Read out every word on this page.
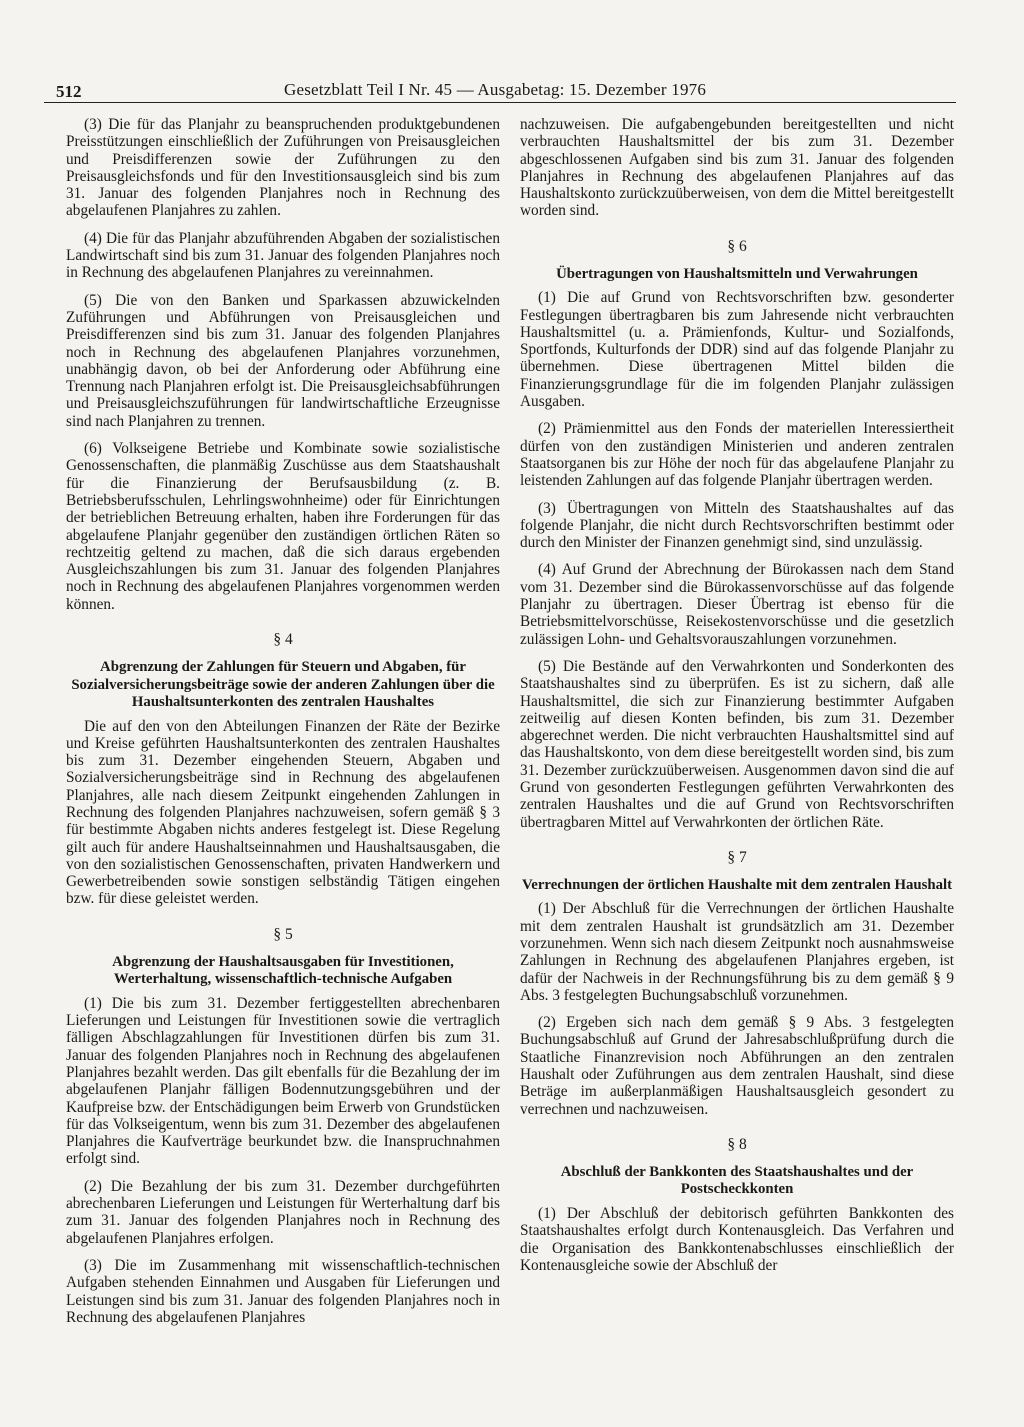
512	Gesetzblatt Teil I Nr. 45 — Ausgabetag: 15. Dezember 1976

(3) Die für das Planjahr zu beanspruchenden produktgebundenen Preisstützungen einschließlich der Zuführungen von Preisausgleichen und Preisdifferenzen sowie der Zuführungen zu den Preisausgleichsfonds und für den Investitionsausgleich sind bis zum 31. Januar des folgenden Planjahres noch in Rechnung des abgelaufenen Planjahres zu zahlen.

(4) Die für das Planjahr abzuführenden Abgaben der sozialistischen Landwirtschaft sind bis zum 31. Januar des folgenden Planjahres noch in Rechnung des abgelaufenen Planjahres zu vereinnahmen.

(5) Die von den Banken und Sparkassen abzuwickelnden Zuführungen und Abführungen von Preisausgleichen und Preisdifferenzen sind bis zum 31. Januar des folgenden Planjahres noch in Rechnung des abgelaufenen Planjahres vorzunehmen, unabhängig davon, ob bei der Anforderung oder Abführung eine Trennung nach Planjahren erfolgt ist. Die Preisausgleichsabführungen und Preisausgleichszuführungen für landwirtschaftliche Erzeugnisse sind nach Planjahren zu trennen.

(6) Volkseigene Betriebe und Kombinate sowie sozialistische Genossenschaften, die planmäßig Zuschüsse aus dem Staatshaushalt für die Finanzierung der Berufsausbildung (z. B. Betriebsberufsschulen, Lehrlingswohnheime) oder für Einrichtungen der betrieblichen Betreuung erhalten, haben ihre Forderungen für das abgelaufene Planjahr gegenüber den zuständigen örtlichen Räten so rechtzeitig geltend zu machen, daß die sich daraus ergebenden Ausgleichszahlungen bis zum 31. Januar des folgenden Planjahres noch in Rechnung des abgelaufenen Planjahres vorgenommen werden können.

§ 4
Abgrenzung der Zahlungen für Steuern und Abgaben, für Sozialversicherungsbeiträge sowie der anderen Zahlungen über die Haushaltsunterkonten des zentralen Haushaltes

Die auf den von den Abteilungen Finanzen der Räte der Bezirke und Kreise geführten Haushaltsunterkonten des zentralen Haushaltes bis zum 31. Dezember eingehenden Steuern, Abgaben und Sozialversicherungsbeiträge sind in Rechnung des abgelaufenen Planjahres, alle nach diesem Zeitpunkt eingehenden Zahlungen in Rechnung des folgenden Planjahres nachzuweisen, sofern gemäß § 3 für bestimmte Abgaben nichts anderes festgelegt ist. Diese Regelung gilt auch für andere Haushaltseinnahmen und Haushaltsausgaben, die von den sozialistischen Genossenschaften, privaten Handwerkern und Gewerbetreibenden sowie sonstigen selbständig Tätigen eingehen bzw. für diese geleistet werden.

§ 5
Abgrenzung der Haushaltsausgaben für Investitionen, Werterhaltung, wissenschaftlich-technische Aufgaben

(1) Die bis zum 31. Dezember fertiggestellten abrechenbaren Lieferungen und Leistungen für Investitionen sowie die vertraglich fälligen Abschlagzahlungen für Investitionen dürfen bis zum 31. Januar des folgenden Planjahres noch in Rechnung des abgelaufenen Planjahres bezahlt werden. Das gilt ebenfalls für die Bezahlung der im abgelaufenen Planjahr fälligen Bodennutzungsgebühren und der Kaufpreise bzw. der Entschädigungen beim Erwerb von Grundstücken für das Volkseigentum, wenn bis zum 31. Dezember des abgelaufenen Planjahres die Kaufverträge beurkundet bzw. die Inanspruchnahmen erfolgt sind.

(2) Die Bezahlung der bis zum 31. Dezember durchgeführten abrechenbaren Lieferungen und Leistungen für Werterhaltung darf bis zum 31. Januar des folgenden Planjahres noch in Rechnung des abgelaufenen Planjahres erfolgen.

(3) Die im Zusammenhang mit wissenschaftlich-technischen Aufgaben stehenden Einnahmen und Ausgaben für Lieferungen und Leistungen sind bis zum 31. Januar des folgenden Planjahres noch in Rechnung des abgelaufenen Planjahres

nachzuweisen. Die aufgabengebunden bereitgestellten und nicht verbrauchten Haushaltsmittel der bis zum 31. Dezember abgeschlossenen Aufgaben sind bis zum 31. Januar des folgenden Planjahres in Rechnung des abgelaufenen Planjahres auf das Haushaltskonto zurückzuüberweisen, von dem die Mittel bereitgestellt worden sind.

§ 6
Übertragungen von Haushaltsmitteln und Verwahrungen

(1) Die auf Grund von Rechtsvorschriften bzw. gesonderter Festlegungen übertragbaren bis zum Jahresende nicht verbrauchten Haushaltsmittel (u. a. Prämienfonds, Kultur- und Sozialfonds, Sportfonds, Kulturfonds der DDR) sind auf das folgende Planjahr zu übernehmen. Diese übertragenen Mittel bilden die Finanzierungsgrundlage für die im folgenden Planjahr zulässigen Ausgaben.

(2) Prämienmittel aus den Fonds der materiellen Interessiertheit dürfen von den zuständigen Ministerien und anderen zentralen Staatsorganen bis zur Höhe der noch für das abgelaufene Planjahr zu leistenden Zahlungen auf das folgende Planjahr übertragen werden.

(3) Übertragungen von Mitteln des Staatshaushaltes auf das folgende Planjahr, die nicht durch Rechtsvorschriften bestimmt oder durch den Minister der Finanzen genehmigt sind, sind unzulässig.

(4) Auf Grund der Abrechnung der Bürokassen nach dem Stand vom 31. Dezember sind die Bürokassenvorschüsse auf das folgende Planjahr zu übertragen. Dieser Übertrag ist ebenso für die Betriebsmittelvorschüsse, Reisekostenvorschüsse und die gesetzlich zulässigen Lohn- und Gehaltsvorauszahlungen vorzunehmen.

(5) Die Bestände auf den Verwahrkonten und Sonderkonten des Staatshaushaltes sind zu überprüfen. Es ist zu sichern, daß alle Haushaltsmittel, die sich zur Finanzierung bestimmter Aufgaben zeitweilig auf diesen Konten befinden, bis zum 31. Dezember abgerechnet werden. Die nicht verbrauchten Haushaltsmittel sind auf das Haushaltskonto, von dem diese bereitgestellt worden sind, bis zum 31. Dezember zurückzuüberweisen. Ausgenommen davon sind die auf Grund von gesonderten Festlegungen geführten Verwahrkonten des zentralen Haushaltes und die auf Grund von Rechtsvorschriften übertragbaren Mittel auf Verwahrkonten der örtlichen Räte.

§ 7
Verrechnungen der örtlichen Haushalte mit dem zentralen Haushalt

(1) Der Abschluß für die Verrechnungen der örtlichen Haushalte mit dem zentralen Haushalt ist grundsätzlich am 31. Dezember vorzunehmen. Wenn sich nach diesem Zeitpunkt noch ausnahmsweise Zahlungen in Rechnung des abgelaufenen Planjahres ergeben, ist dafür der Nachweis in der Rechnungsführung bis zu dem gemäß § 9 Abs. 3 festgelegten Buchungsabschluß vorzunehmen.

(2) Ergeben sich nach dem gemäß § 9 Abs. 3 festgelegten Buchungsabschluß auf Grund der Jahresabschlußprüfung durch die Staatliche Finanzrevision noch Abführungen an den zentralen Haushalt oder Zuführungen aus dem zentralen Haushalt, sind diese Beträge im außerplanmäßigen Haushaltsausgleich gesondert zu verrechnen und nachzuweisen.

§ 8
Abschluß der Bankkonten des Staatshaushaltes und der Postscheckkonten

(1) Der Abschluß der debitorisch geführten Bankkonten des Staatshaushaltes erfolgt durch Kontenausgleich. Das Verfahren und die Organisation des Bankkontenabschlusses einschließlich der Kontenausgleiche sowie der Abschluß der
